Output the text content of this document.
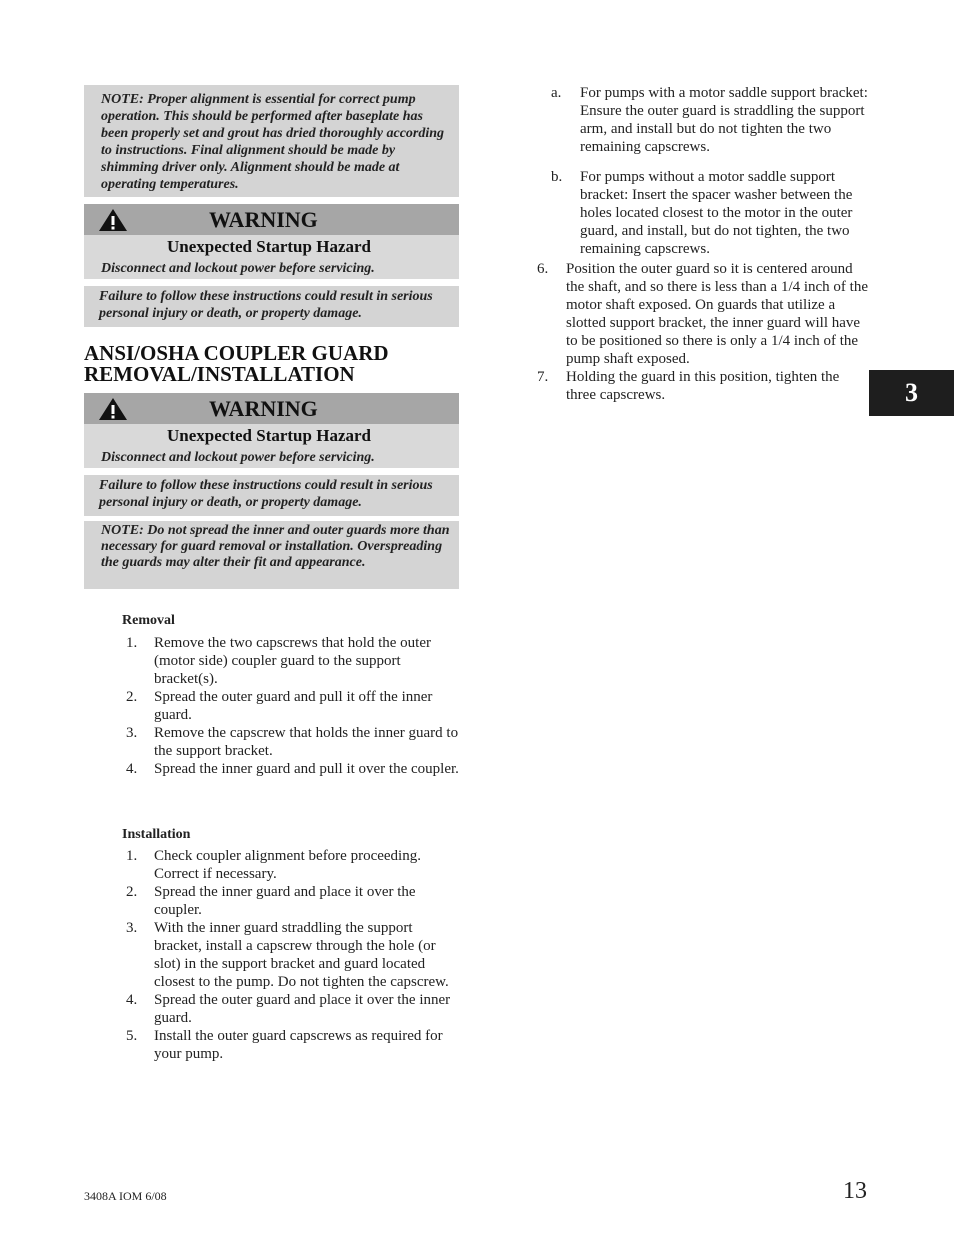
NOTE: Proper alignment is essential for correct pump operation. This should be performed after baseplate has been properly set and grout has dried thoroughly according to instructions. Final alignment should be made by shimming driver only. Alignment should be made at operating temperatures.
WARNING
Unexpected Startup Hazard
Disconnect and lockout power before servicing.
Failure to follow these instructions could result in serious personal injury or death, or property damage.
ANSI/OSHA COUPLER GUARD REMOVAL/INSTALLATION
WARNING
Unexpected Startup Hazard
Disconnect and lockout power before servicing.
Failure to follow these instructions could result in serious personal injury or death, or property damage.
NOTE: Do not spread the inner and outer guards more than necessary for guard removal or installation. Overspreading the guards may alter their fit and appearance.
Removal
1. Remove the two capscrews that hold the outer (motor side) coupler guard to the support bracket(s).
2. Spread the outer guard and pull it off the inner guard.
3. Remove the capscrew that holds the inner guard to the support bracket.
4. Spread the inner guard and pull it over the coupler.
Installation
1. Check coupler alignment before proceeding. Correct if necessary.
2. Spread the inner guard and place it over the coupler.
3. With the inner guard straddling the support bracket, install a capscrew through the hole (or slot) in the support bracket and guard located closest to the pump. Do not tighten the capscrew.
4. Spread the outer guard and place it over the inner guard.
5. Install the outer guard capscrews as required for your pump.
a. For pumps with a motor saddle support bracket: Ensure the outer guard is straddling the support arm, and install but do not tighten the two remaining capscrews.
b. For pumps without a motor saddle support bracket: Insert the spacer washer between the holes located closest to the motor in the outer guard, and install, but do not tighten, the two remaining capscrews.
6. Position the outer guard so it is centered around the shaft, and so there is less than a 1/4 inch of the motor shaft exposed. On guards that utilize a slotted support bracket, the inner guard will have to be positioned so there is only a 1/4 inch of the pump shaft exposed.
7. Holding the guard in this position, tighten the three capscrews.	3
3408A IOM 6/08	13
